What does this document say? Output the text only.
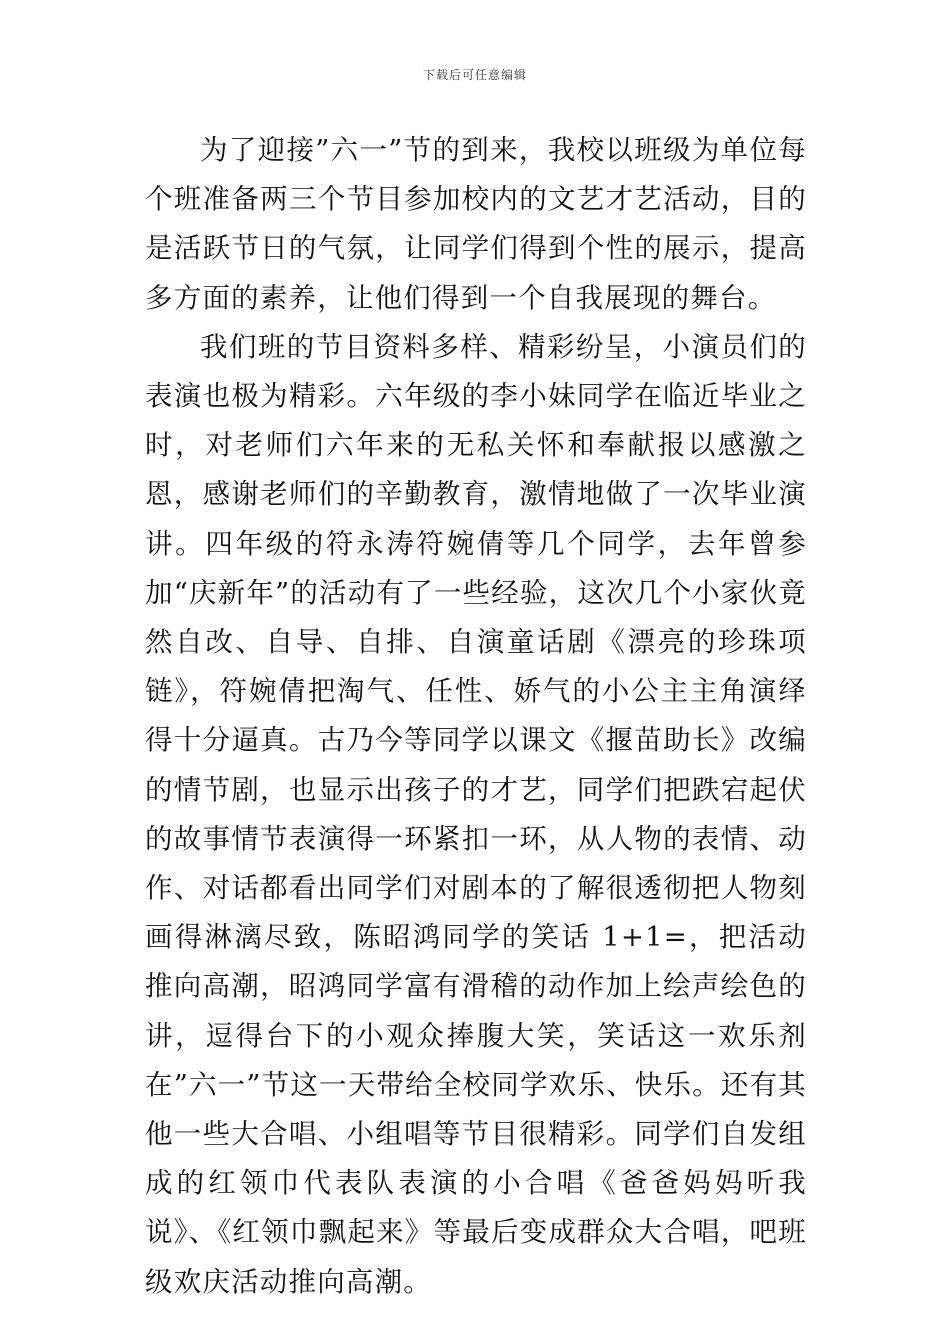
下载后可任意编辑

为了迎接”六一”节的到来，我校以班级为单位每个班准备两三个节目参加校内的文艺才艺活动，目的是活跃节日的气氛，让同学们得到个性的展示，提高多方面的素养，让他们得到一个自我展现的舞台。

我们班的节目资料多样、精彩纷呈，小演员们的表演也极为精彩。六年级的李小妹同学在临近毕业之时，对老师们六年来的无私关怀和奉献报以感激之恩，感谢老师们的辛勤教育，激情地做了一次毕业演讲。四年级的符永涛符婉倩等几个同学，去年曾参加“庆新年”的活动有了一些经验，这次几个小家伙竟然自改、自导、自排、自演童话剧《漂亮的珍珠项链》，符婉倩把淘气、任性、娇气的小公主主角演绎得十分逼真。古乃今等同学以课文《揠苗助长》改编的情节剧，也显示出孩子的才艺，同学们把跌宕起伏的故事情节表演得一环紧扣一环，从人物的表情、动作、对话都看出同学们对剧本的了解很透彻把人物刻画得淋漓尽致，陈昭鸿同学的笑话 1+1=，把活动推向高潮，昭鸿同学富有滑稽的动作加上绘声绘色的讲，逗得台下的小观众捧腹大笑，笑话这一欢乐剂在”六一”节这一天带给全校同学欢乐、快乐。还有其他一些大合唱、小组唱等节目很精彩。同学们自发组成的红领巾代表队表演的小合唱《爸爸妈妈听我说》、《红领巾飘起来》等最后变成群众大合唱，吧班级欢庆活动推向高潮。
